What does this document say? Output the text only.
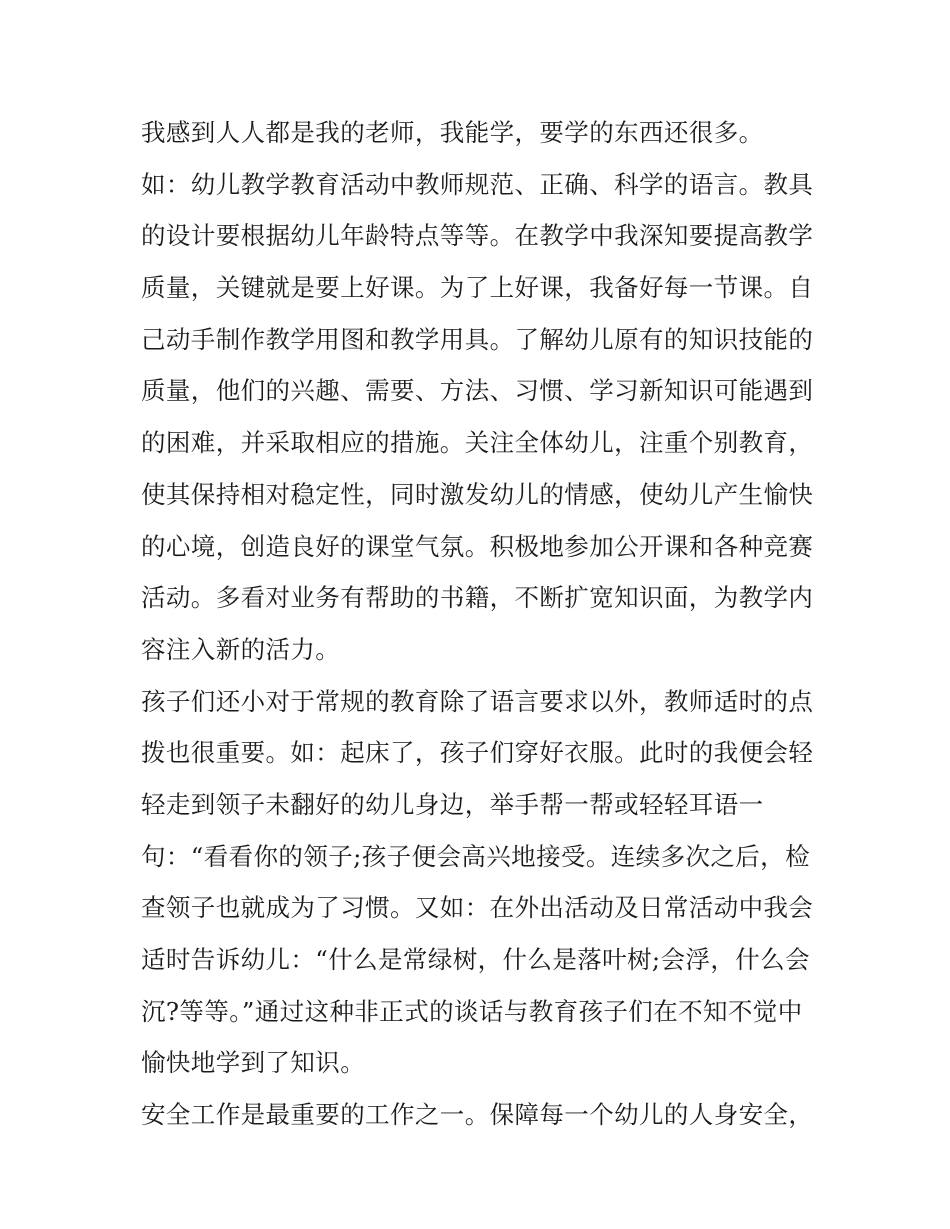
我感到人人都是我的老师，我能学，要学的东西还很多。
如：幼儿教学教育活动中教师规范、正确、科学的语言。教具
的设计要根据幼儿年龄特点等等。在教学中我深知要提高教学
质量，关键就是要上好课。为了上好课，我备好每一节课。自
己动手制作教学用图和教学用具。了解幼儿原有的知识技能的
质量，他们的兴趣、需要、方法、习惯、学习新知识可能遇到
的困难，并采取相应的措施。关注全体幼儿，注重个别教育，
使其保持相对稳定性，同时激发幼儿的情感，使幼儿产生愉快
的心境，创造良好的课堂气氛。积极地参加公开课和各种竞赛
活动。多看对业务有帮助的书籍，不断扩宽知识面，为教学内
容注入新的活力。
孩子们还小对于常规的教育除了语言要求以外，教师适时的点
拨也很重要。如：起床了，孩子们穿好衣服。此时的我便会轻
轻走到领子未翻好的幼儿身边，举手帮一帮或轻轻耳语一
句：“看看你的领子;孩子便会高兴地接受。连续多次之后，检
查领子也就成为了习惯。又如：在外出活动及日常活动中我会
适时告诉幼儿：“什么是常绿树，什么是落叶树;会浮，什么会
沉?等等。”通过这种非正式的谈话与教育孩子们在不知不觉中
愉快地学到了知识。
安全工作是最重要的工作之一。保障每一个幼儿的人身安全，
